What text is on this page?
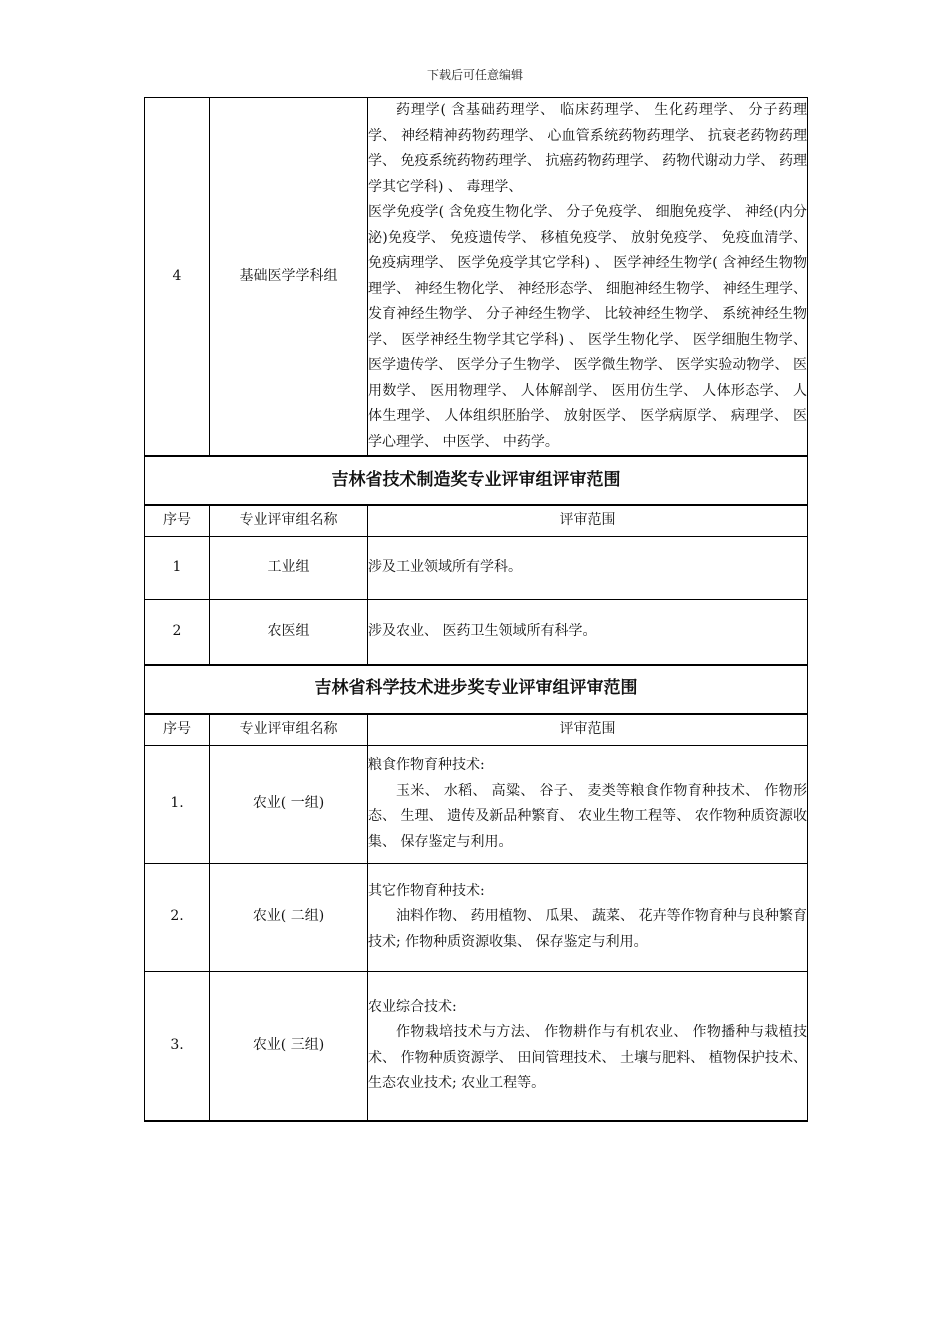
下载后可任意编辑
4	基础医学学科组	药理学( 含基础药理学、 临床药理学、 生化药理学、 分子药理学、 神经精神药物药理学、 心血管系统药物药理学、 抗衰老药物药理学、 免疫系统药物药理学、 抗癌药物药理学、 药物代谢动力学、 药理学其它学科) 、 毒理学、
医学免疫学( 含免疫生物化学、 分子免疫学、 细胞免疫学、 神经(内分泌)免疫学、 免疫遗传学、 移植免疫学、 放射免疫学、 免疫血清学、 免疫病理学、 医学免疫学其它学科) 、 医学神经生物学( 含神经生物物理学、 神经生物化学、 神经形态学、 细胞神经生物学、 神经生理学、 发育神经生物学、 分子神经生物学、 比较神经生物学、 系统神经生物学、 医学神经生物学其它学科) 、 医学生物化学、 医学细胞生物学、 医学遗传学、 医学分子生物学、 医学微生物学、 医学实验动物学、 医用数学、 医用物理学、 人体解剖学、 医用仿生学、 人体形态学、 人体生理学、 人体组织胚胎学、 放射医学、 医学病原学、 病理学、 医学心理学、 中医学、 中药学。

吉林省技术制造奖专业评审组评审范围		
序号	专业评审组名称	评审范围
1	工业组	涉及工业领域所有学科。
2	农医组	涉及农业、 医药卫生领域所有科学。
吉林省科学技术进步奖专业评审组评审范围		
序号	专业评审组名称	评审范围
1.	农业( 一组)	粮食作物育种技术:
玉米、 水稻、 高粱、 谷子、 麦类等粮食作物育种技术、 作物形态、 生理、 遗传及新品种繁育、 农业生物工程等、 农作物种质资源收集、 保存鉴定与利用。

2.	农业( 二组)	其它作物育种技术:
油料作物、 药用植物、 瓜果、 蔬菜、 花卉等作物育种与良种繁育技术; 作物种质资源收集、 保存鉴定与利用。

3.	农业( 三组)	农业综合技术:
作物栽培技术与方法、 作物耕作与有机农业、 作物播种与栽植技术、 作物种质资源学、 田间管理技术、 土壤与肥料、 植物保护技术、 生态农业技术; 农业工程等。
